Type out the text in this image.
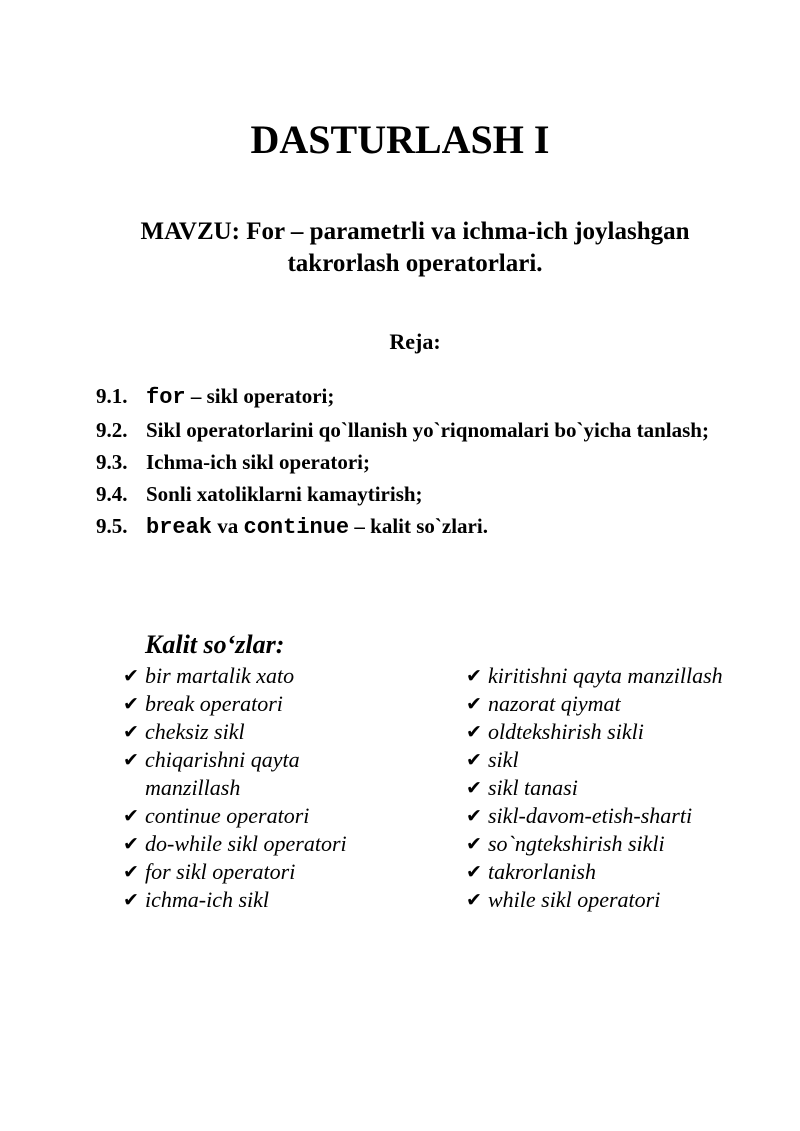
DASTURLASH I
MAVZU: For – parametrli va ichma-ich joylashgan takrorlash operatorlari.
Reja:
9.1. for – sikl operatori;
9.2. Sikl operatorlarini qo`llanish yo`riqnomalari bo`yicha tanlash;
9.3. Ichma-ich sikl operatori;
9.4. Sonli xatoliklarni kamaytirish;
9.5. break va continue – kalit so`zlari.
Kalit so‘zlar:
✔ bir martalik xato
✔ break operatori
✔ cheksiz sikl
✔ chiqarishni qayta manzillash
✔ continue operatori
✔ do-while sikl operatori
✔ for sikl operatori
✔ ichma-ich sikl
✔ kiritishni qayta manzillash
✔ nazorat qiymat
✔ oldtekshirish sikli
✔ sikl
✔ sikl tanasi
✔ sikl-davom-etish-sharti
✔ so`ngtekshirish sikli
✔ takrorlanish
✔ while sikl operatori
